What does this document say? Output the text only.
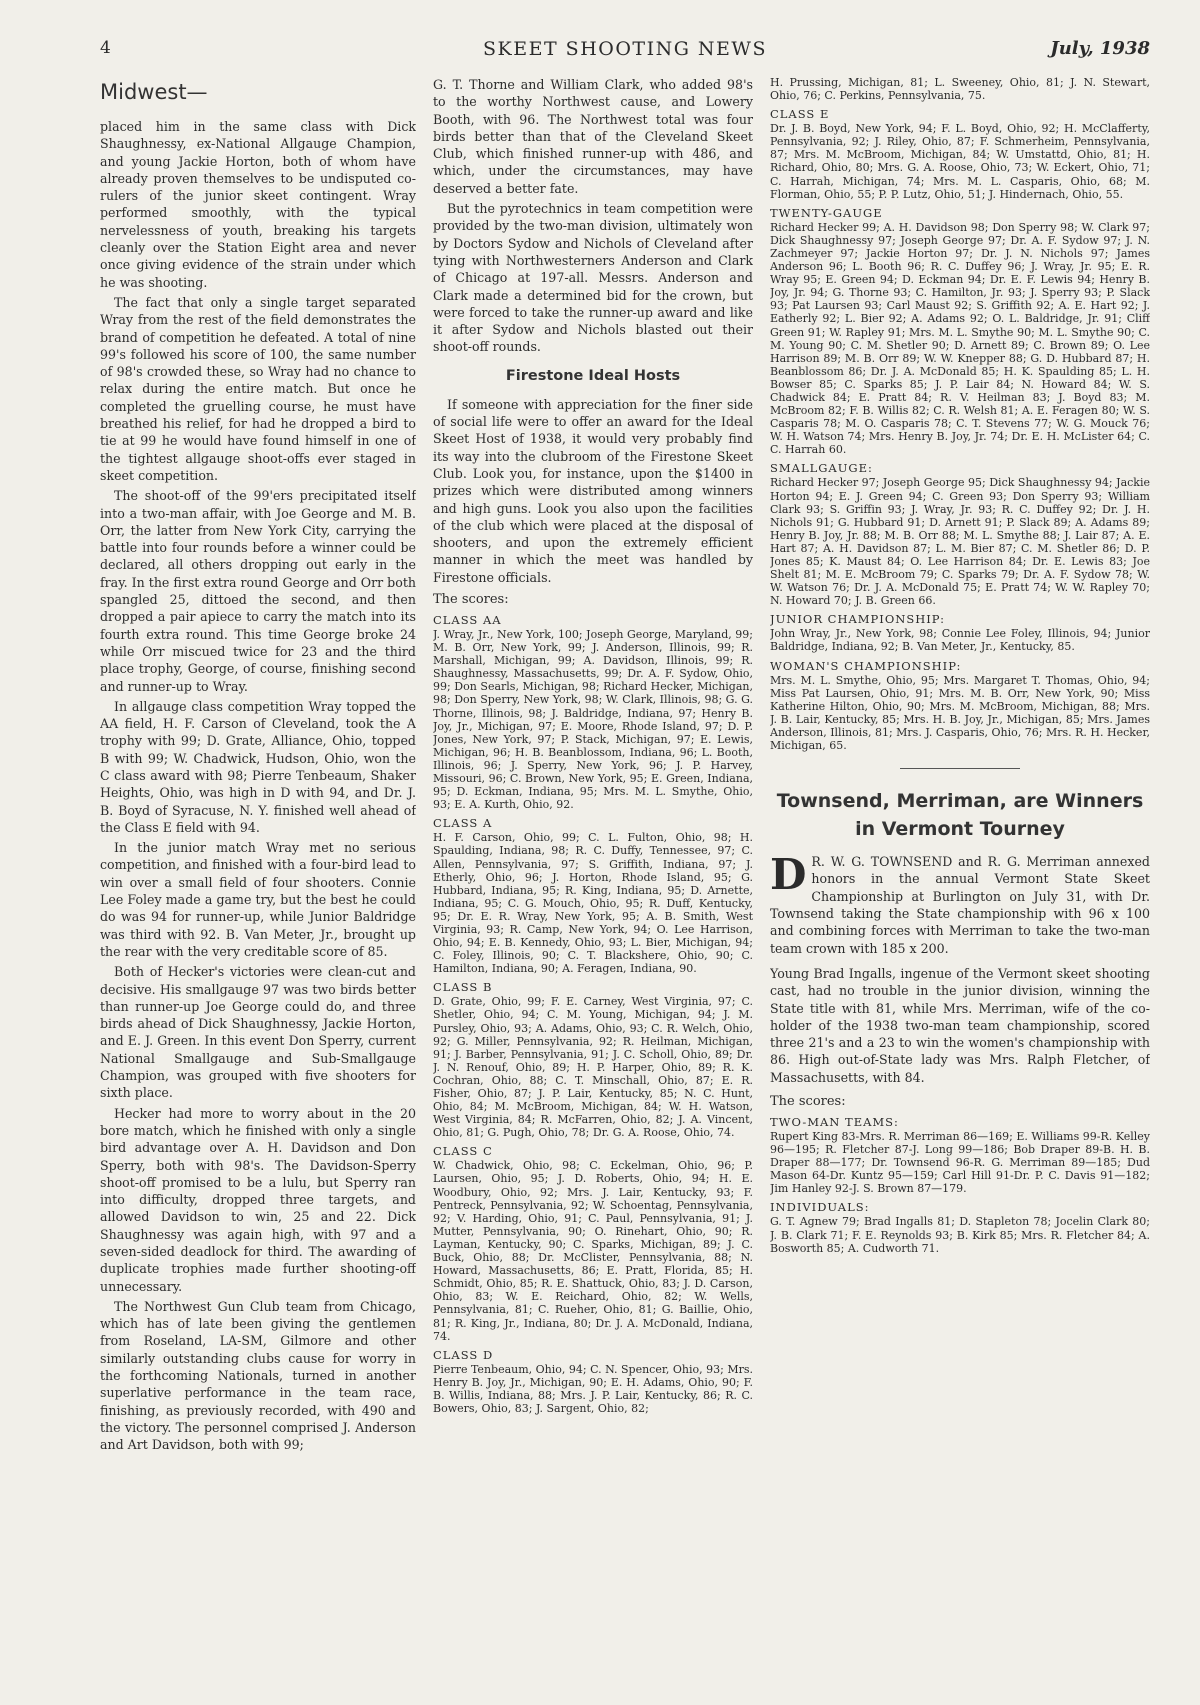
4	SKEET SHOOTING NEWS	July, 1938
Midwest—

placed him in the same class with Dick Shaughnessy, ex-National Allgauge Champion, and young Jackie Horton, both of whom have already proven themselves to be undisputed co-rulers of the junior skeet contingent. Wray performed smoothly, with the typical nervelessness of youth, breaking his targets cleanly over the Station Eight area and never once giving evidence of the strain under which he was shooting.

The fact that only a single target separated Wray from the rest of the field demonstrates the brand of competition he defeated. A total of nine 99's followed his score of 100, the same number of 98's crowded these, so Wray had no chance to relax during the entire match. But once he completed the gruelling course, he must have breathed his relief, for had he dropped a bird to tie at 99 he would have found himself in one of the tightest allgauge shoot-offs ever staged in skeet competition.

The shoot-off of the 99'ers precipitated itself into a two-man affair, with Joe George and M. B. Orr, the latter from New York City, carrying the battle into four rounds before a winner could be declared, all others dropping out early in the fray. In the first extra round George and Orr both spangled 25, dittoed the second, and then dropped a pair apiece to carry the match into its fourth extra round. This time George broke 24 while Orr miscued twice for 23 and the third place trophy, George, of course, finishing second and runner-up to Wray.

In allgauge class competition Wray topped the AA field, H. F. Carson of Cleveland, took the A trophy with 99; D. Grate, Alliance, Ohio, topped B with 99; W. Chadwick, Hudson, Ohio, won the C class award with 98; Pierre Tenbeaum, Shaker Heights, Ohio, was high in D with 94, and Dr. J. B. Boyd of Syracuse, N. Y. finished well ahead of the Class E field with 94.

In the junior match Wray met no serious competition, and finished with a four-bird lead to win over a small field of four shooters. Connie Lee Foley made a game try, but the best he could do was 94 for runner-up, while Junior Baldridge was third with 92. B. Van Meter, Jr., brought up the rear with the very creditable score of 85.

Both of Hecker's victories were clean-cut and decisive. His smallgauge 97 was two birds better than runner-up Joe George could do, and three birds ahead of Dick Shaughnessy, Jackie Horton, and E. J. Green. In this event Don Sperry, current National Smallgauge and Sub-Smallgauge Champion, was grouped with five shooters for sixth place.

Hecker had more to worry about in the 20 bore match, which he finished with only a single bird advantage over A. H. Davidson and Don Sperry, both with 98's. The Davidson-Sperry shoot-off promised to be a lulu, but Sperry ran into difficulty, dropped three targets, and allowed Davidson to win, 25 and 22. Dick Shaughnessy was again high, with 97 and a seven-sided deadlock for third. The awarding of duplicate trophies made further shooting-off unnecessary.

The Northwest Gun Club team from Chicago, which has of late been giving the gentlemen from Roseland, LA-SM, Gilmore and other similarly outstanding clubs cause for worry in the forthcoming Nationals, turned in another superlative performance in the team race, finishing, as previously recorded, with 490 and the victory. The personnel comprised J. Anderson and Art Davidson, both with 99;

G. T. Thorne and William Clark, who added 98's to the worthy Northwest cause, and Lowery Booth, with 96. The Northwest total was four birds better than that of the Cleveland Skeet Club, which finished runner-up with 486, and which, under the circumstances, may have deserved a better fate.

But the pyrotechnics in team competition were provided by the two-man division, ultimately won by Doctors Sydow and Nichols of Cleveland after tying with Northwesterners Anderson and Clark of Chicago at 197-all. Messrs. Anderson and Clark made a determined bid for the crown, but were forced to take the runner-up award and like it after Sydow and Nichols blasted out their shoot-off rounds.

Firestone Ideal Hosts

If someone with appreciation for the finer side of social life were to offer an award for the Ideal Skeet Host of 1938, it would very probably find its way into the clubroom of the Firestone Skeet Club. Look you, for instance, upon the $1400 in prizes which were distributed among winners and high guns. Look you also upon the facilities of the club which were placed at the disposal of shooters, and upon the extremely efficient manner in which the meet was handled by Firestone officials.

The scores:
CLASS AA

J. Wray, Jr., New York, 100; Joseph George, Maryland, 99; M. B. Orr, New York, 99; J. Anderson, Illinois, 99; R. Marshall, Michigan, 99; A. Davidson, Illinois, 99; R. Shaughnessy, Massachusetts, 99; Dr. A. F. Sydow, Ohio, 99; Don Searls, Michigan, 98; Richard Hecker, Michigan, 98; Don Sperry, New York, 98; W. Clark, Illinois, 98; G. G. Thorne, Illinois, 98; J. Baldridge, Indiana, 97; Henry B. Joy, Jr., Michigan, 97; E. Moore, Rhode Island, 97; D. P. Jones, New York, 97; P. Stack, Michigan, 97; E. Lewis, Michigan, 96; H. B. Beanblossom, Indiana, 96; L. Booth, Illinois, 96; J. Sperry, New York, 96; J. P. Harvey, Missouri, 96; C. Brown, New York, 95; E. Green, Indiana, 95; D. Eckman, Indiana, 95; Mrs. M. L. Smythe, Ohio, 93; E. A. Kurth, Ohio, 92.

CLASS A

H. F. Carson, Ohio, 99; C. L. Fulton, Ohio, 98; H. Spaulding, Indiana, 98; R. C. Duffy, Tennessee, 97; C. Allen, Pennsylvania, 97; S. Griffith, Indiana, 97; J. Etherly, Ohio, 96; J. Horton, Rhode Island, 95; G. Hubbard, Indiana, 95; R. King, Indiana, 95; D. Arnette, Indiana, 95; C. G. Mouch, Ohio, 95; R. Duff, Kentucky, 95; Dr. E. R. Wray, New York, 95; A. B. Smith, West Virginia, 93; R. Camp, New York, 94; O. Lee Harrison, Ohio, 94; E. B. Kennedy, Ohio, 93; L. Bier, Michigan, 94; C. Foley, Illinois, 90; C. T. Blackshere, Ohio, 90; C. Hamilton, Indiana, 90; A. Feragen, Indiana, 90.

CLASS B

D. Grate, Ohio, 99; F. E. Carney, West Virginia, 97; C. Shetler, Ohio, 94; C. M. Young, Michigan, 94; J. M. Pursley, Ohio, 93; A. Adams, Ohio, 93; C. R. Welch, Ohio, 92; G. Miller, Pennsylvania, 92; R. Heilman, Michigan, 91; J. Barber, Pennsylvania, 91; J. C. Scholl, Ohio, 89; Dr. J. N. Renouf, Ohio, 89; H. P. Harper, Ohio, 89; R. K. Cochran, Ohio, 88; C. T. Minschall, Ohio, 87; E. R. Fisher, Ohio, 87; J. P. Lair, Kentucky, 85; N. C. Hunt, Ohio, 84; M. McBroom, Michigan, 84; W. H. Watson, West Virginia, 84; R. McFarren, Ohio, 82; J. A. Vincent, Ohio, 81; G. Pugh, Ohio, 78; Dr. G. A. Roose, Ohio, 74.

CLASS C

W. Chadwick, Ohio, 98; C. Eckelman, Ohio, 96; P. Laursen, Ohio, 95; J. D. Roberts, Ohio, 94; H. E. Woodbury, Ohio, 92; Mrs. J. Lair, Kentucky, 93; F. Pentreck, Pennsylvania, 92; W. Schoentag, Pennsylvania, 92; V. Harding, Ohio, 91; C. Paul, Pennsylvania, 91; J. Mutter, Pennsylvania, 90; O. Rinehart, Ohio, 90; R. Layman, Kentucky, 90; C. Sparks, Michigan, 89; J. C. Buck, Ohio, 88; Dr. McClister, Pennsylvania, 88; N. Howard, Massachusetts, 86; E. Pratt, Florida, 85; H. Schmidt, Ohio, 85; R. E. Shattuck, Ohio, 83; J. D. Carson, Ohio, 83; W. E. Reichard, Ohio, 82; W. Wells, Pennsylvania, 81; C. Rueher, Ohio, 81; G. Baillie, Ohio, 81; R. King, Jr., Indiana, 80; Dr. J. A. McDonald, Indiana, 74.

CLASS D

Pierre Tenbeaum, Ohio, 94; C. N. Spencer, Ohio, 93; Mrs. Henry B. Joy, Jr., Michigan, 90; E. H. Adams, Ohio, 90; F. B. Willis, Indiana, 88; Mrs. J. P. Lair, Kentucky, 86; R. C. Bowers, Ohio, 83; J. Sargent, Ohio, 82;

H. Prussing, Michigan, 81; L. Sweeney, Ohio, 81; J. N. Stewart, Ohio, 76; C. Perkins, Pennsylvania, 75.

CLASS E

Dr. J. B. Boyd, New York, 94; F. L. Boyd, Ohio, 92; H. McClafferty, Pennsylvania, 92; J. Riley, Ohio, 87; F. Schmerheim, Pennsylvania, 87; Mrs. M. McBroom, Michigan, 84; W. Umstattd, Ohio, 81; H. Richard, Ohio, 80; Mrs. G. A. Roose, Ohio, 73; W. Eckert, Ohio, 71; C. Harrah, Michigan, 74; Mrs. M. L. Casparis, Ohio, 68; M. Florman, Ohio, 55; P. P. Lutz, Ohio, 51; J. Hindernach, Ohio, 55.

TWENTY-GAUGE

Richard Hecker 99; A. H. Davidson 98; Don Sperry 98; W. Clark 97; Dick Shaughnessy 97; Joseph George 97; Dr. A. F. Sydow 97; J. N. Zachmeyer 97; Jackie Horton 97; Dr. J. N. Nichols 97; James Anderson 96; L. Booth 96; R. C. Duffey 96; J. Wray, Jr. 95; E. R. Wray 95; E. Green 94; D. Eckman 94; Dr. E. F. Lewis 94; Henry B. Joy, Jr. 94; G. Thorne 93; C. Hamilton, Jr. 93; J. Sperry 93; P. Slack 93; Pat Laursen 93; Carl Maust 92; S. Griffith 92; A. E. Hart 92; J. Eatherly 92; L. Bier 92; A. Adams 92; O. L. Baldridge, Jr. 91; Cliff Green 91; W. Rapley 91; Mrs. M. L. Smythe 90; M. L. Smythe 90; C. M. Young 90; C. M. Shetler 90; D. Arnett 89; C. Brown 89; O. Lee Harrison 89; M. B. Orr 89; W. W. Knepper 88; G. D. Hubbard 87; H. Beanblossom 86; Dr. J. A. McDonald 85; H. K. Spaulding 85; L. H. Bowser 85; C. Sparks 85; J. P. Lair 84; N. Howard 84; W. S. Chadwick 84; E. Pratt 84; R. V. Heilman 83; J. Boyd 83; M. McBroom 82; F. B. Willis 82; C. R. Welsh 81; A. E. Feragen 80; W. S. Casparis 78; M. O. Casparis 78; C. T. Stevens 77; W. G. Mouck 76; W. H. Watson 74; Mrs. Henry B. Joy, Jr. 74; Dr. E. H. McLister 64; C. C. Harrah 60.

SMALLGAUGE:

Richard Hecker 97; Joseph George 95; Dick Shaughnessy 94; Jackie Horton 94; E. J. Green 94; C. Green 93; Don Sperry 93; William Clark 93; S. Griffin 93; J. Wray, Jr. 93; R. C. Duffey 92; Dr. J. H. Nichols 91; G. Hubbard 91; D. Arnett 91; P. Slack 89; A. Adams 89; Henry B. Joy, Jr. 88; M. B. Orr 88; M. L. Smythe 88; J. Lair 87; A. E. Hart 87; A. H. Davidson 87; L. M. Bier 87; C. M. Shetler 86; D. P. Jones 85; K. Maust 84; O. Lee Harrison 84; Dr. E. Lewis 83; Joe Shelt 81; M. E. McBroom 79; C. Sparks 79; Dr. A. F. Sydow 78; W. W. Watson 76; Dr. J. A. McDonald 75; E. Pratt 74; W. W. Rapley 70; N. Howard 70; J. B. Green 66.

JUNIOR CHAMPIONSHIP:

John Wray, Jr., New York, 98; Connie Lee Foley, Illinois, 94; Junior Baldridge, Indiana, 92; B. Van Meter, Jr., Kentucky, 85.

WOMAN'S CHAMPIONSHIP:

Mrs. M. L. Smythe, Ohio, 95; Mrs. Margaret T. Thomas, Ohio, 94; Miss Pat Laursen, Ohio, 91; Mrs. M. B. Orr, New York, 90; Miss Katherine Hilton, Ohio, 90; Mrs. M. McBroom, Michigan, 88; Mrs. J. B. Lair, Kentucky, 85; Mrs. H. B. Joy, Jr., Michigan, 85; Mrs. James Anderson, Illinois, 81; Mrs. J. Casparis, Ohio, 76; Mrs. R. H. Hecker, Michigan, 65.

Townsend, Merriman, are Winners
in Vermont Tourney

D R. W. G. TOWNSEND and R. G. Merriman annexed honors in the annual Vermont State Skeet Championship at Burlington on July 31, with Dr. Townsend taking the State championship with 96 x 100 and combining forces with Merriman to take the two-man team crown with 185 x 200.

Young Brad Ingalls, ingenue of the Vermont skeet shooting cast, had no trouble in the junior division, winning the State title with 81, while Mrs. Merriman, wife of the co-holder of the 1938 two-man team championship, scored three 21's and a 23 to win the women's championship with 86. High out-of-State lady was Mrs. Ralph Fletcher, of Massachusetts, with 84.

The scores:
TWO-MAN TEAMS:

Rupert King 83-Mrs. R. Merriman 86—169; E. Williams 99-R. Kelley 96—195; R. Fletcher 87-J. Long 99—186; Bob Draper 89-B. H. B. Draper 88—177; Dr. Townsend 96-R. G. Merriman 89—185; Dud Mason 64-Dr. Kuntz 95—159; Carl Hill 91-Dr. P. C. Davis 91—182; Jim Hanley 92-J. S. Brown 87—179.

INDIVIDUALS:

G. T. Agnew 79; Brad Ingalls 81; D. Stapleton 78; Jocelin Clark 80; J. B. Clark 71; F. E. Reynolds 93; B. Kirk 85; Mrs. R. Fletcher 84; A. Bosworth 85; A. Cudworth 71.
